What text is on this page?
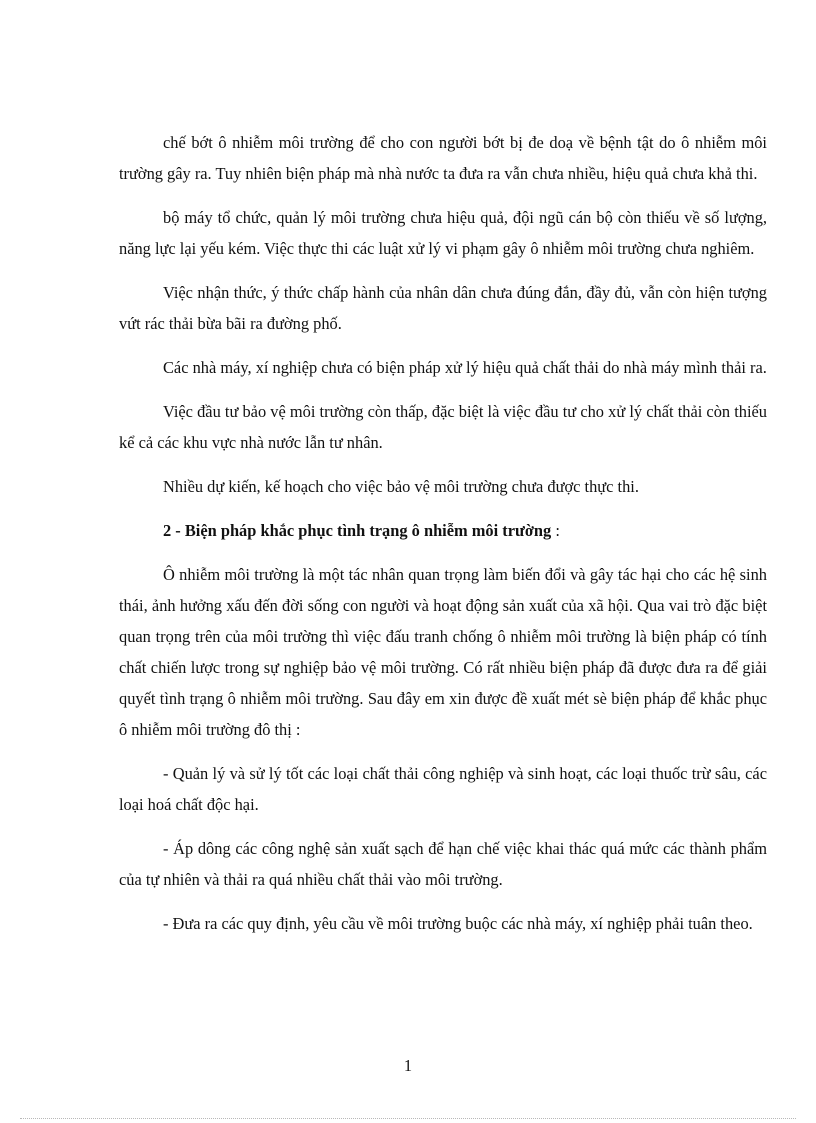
chế bớt ô nhiễm môi trường để cho con người bớt bị đe doạ về bệnh tật do ô nhiễm môi trường gây ra. Tuy nhiên biện pháp mà nhà nước ta đưa ra vẫn chưa nhiều, hiệu quả chưa khả thi.

bộ máy tổ chức, quản lý môi trường chưa hiệu quả, đội ngũ cán bộ còn thiếu về số lượng, năng lực lại yếu kém. Việc thực thi các luật xử lý vi phạm gây ô nhiễm môi trường chưa nghiêm.

Việc nhận thức, ý thức chấp hành của nhân dân chưa đúng đắn, đầy đủ, vẫn còn hiện tượng vứt rác thải bừa bãi ra đường phố.

Các nhà máy, xí nghiệp chưa có biện pháp xử lý hiệu quả chất thải do nhà máy mình thải ra.

Việc đầu tư bảo vệ môi trường còn thấp, đặc biệt là việc đầu tư cho xử lý chất thải còn thiếu kể cả các khu vực nhà nước lẫn tư nhân.

Nhiều dự kiến, kế hoạch cho việc bảo vệ môi trường chưa được thực thi.

2 - Biện pháp khắc phục tình trạng ô nhiễm môi trường :

Ô nhiễm môi trường là một tác nhân quan trọng làm biến đổi và gây tác hại cho các hệ sinh thái, ảnh hưởng xấu đến đời sống con người và hoạt động sản xuất của xã hội. Qua vai trò đặc biệt quan trọng trên của môi trường thì việc đấu tranh chống ô nhiễm môi trường là biện pháp có tính chất chiến lược trong sự nghiệp bảo vệ môi trường. Có rất nhiều biện pháp đã được đưa ra để giải quyết tình trạng ô nhiễm môi trường. Sau đây em xin được đề xuất mét sè biện pháp để khắc phục ô nhiễm môi trường đô thị :

- Quản lý và sử lý tốt các loại chất thải công nghiệp và sinh hoạt, các loại thuốc trừ sâu, các loại hoá chất độc hại.

- Áp dông các công nghệ sản xuất sạch để hạn chế việc khai thác quá mức các thành phẩm của tự nhiên và thải ra quá nhiều chất thải vào môi trường.

- Đưa ra các quy định, yêu cầu về môi trường buộc các nhà máy, xí nghiệp phải tuân theo.

1
